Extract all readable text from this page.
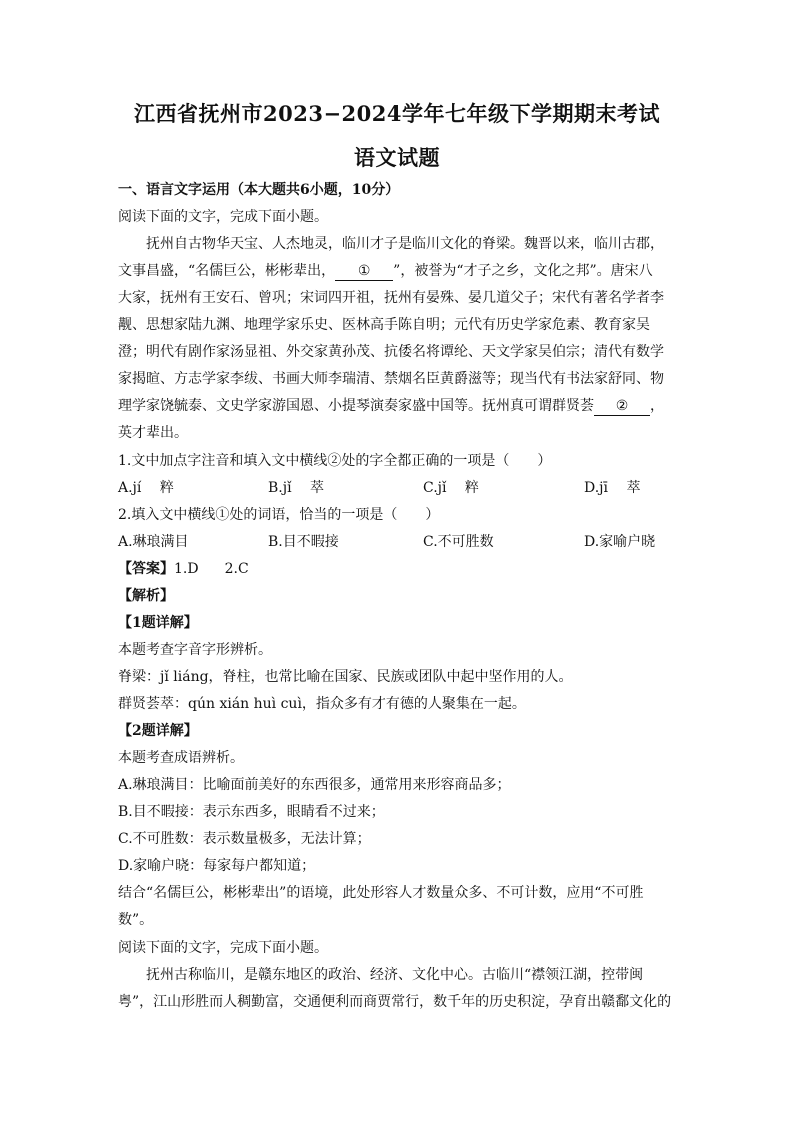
江西省抚州市2023−2024学年七年级下学期期末考试
语文试题
一、语言文字运用（本大题共6小题，10分）
阅读下面的文字，完成下面小题。
抚州自古物华天宝、人杰地灵，临川才子是临川文化的脊梁。魏晋以来，临川古郡，
文事昌盛，“名儒巨公，彬彬辈出， ① ”，被誉为“才子之乡，文化之邦”。唐宋八
大家，抚州有王安石、曾巩；宋词四开祖，抚州有晏殊、晏几道父子；宋代有著名学者李
觏、思想家陆九渊、地理学家乐史、医林高手陈自明；元代有历史学家危素、教育家吴
澄；明代有剧作家汤显祖、外交家黄孙茂、抗倭名将谭纶、天文学家吴伯宗；清代有数学
家揭暄、方志学家李绂、书画大师李瑞清、禁烟名臣黄爵滋等；现当代有书法家舒同、物
理学家饶毓泰、文史学家游国恩、小提琴演奏家盛中国等。抚州真可谓群贤荟 ② ，
英才辈出。
1.文中加点字注音和填入文中横线②处的字全都正确的一项是（　　）
A.jí　 粹	B.jǐ　 萃	C.jǐ　 粹	D.jī　 萃
2.填入文中横线①处的词语，恰当的一项是（　　）
A.琳琅满目	B.目不暇接	C.不可胜数	D.家喻户晓
【答案】1.D 2.C
【解析】
【1题详解】
本题考查字音字形辨析。
脊梁：jǐ liáng，脊柱，也常比喻在国家、民族或团队中起中坚作用的人。
群贤荟萃：qún xián huì cuì，指众多有才有德的人聚集在一起。
【2题详解】
本题考查成语辨析。
A.琳琅满目：比喻面前美好的东西很多，通常用来形容商品多；
B.目不暇接：表示东西多，眼睛看不过来；
C.不可胜数：表示数量极多，无法计算；
D.家喻户晓：每家每户都知道；
结合“名儒巨公，彬彬辈出”的语境，此处形容人才数量众多、不可计数，应用“不可胜
数”。
阅读下面的文字，完成下面小题。
抚州古称临川，是赣东地区的政治、经济、文化中心。古临川“襟领江湖，控带闽
粤”，江山形胜而人稠勤富，交通便利而商贾常行，数千年的历史积淀，孕育出赣鄱文化的
